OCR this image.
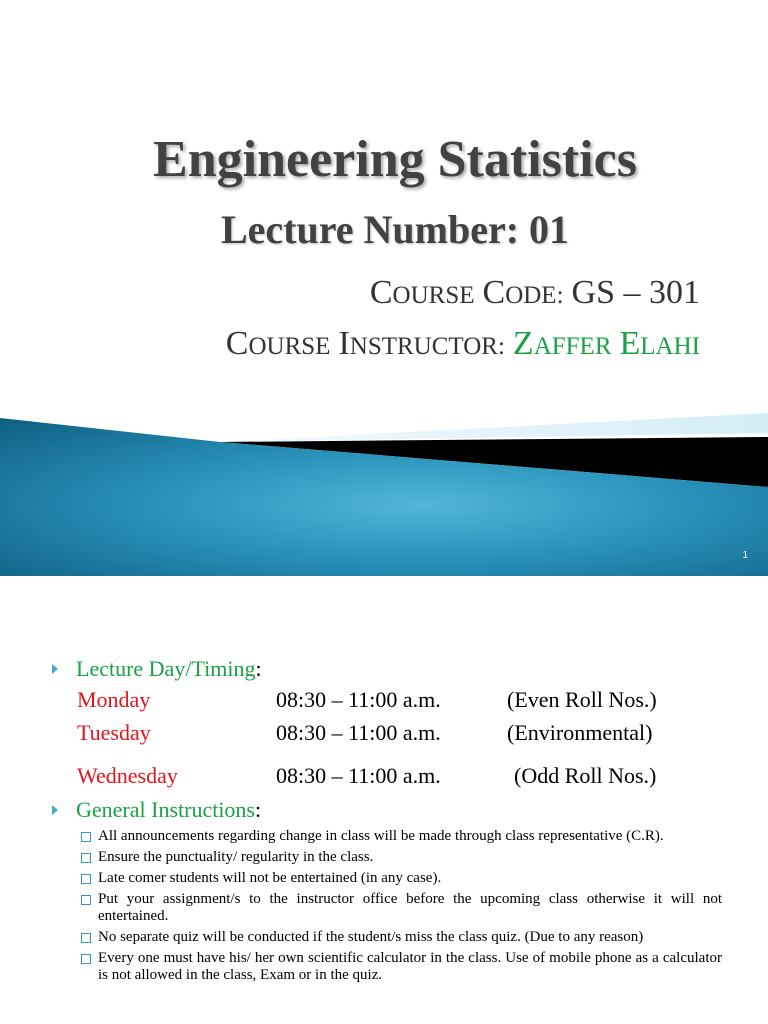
Engineering Statistics
Lecture Number: 01
COURSE CODE: GS – 301
COURSE INSTRUCTOR: ZAFFER ELAHI
1
Lecture Day/Timing:
Monday	08:30 – 11:00 a.m.	(Even Roll Nos.)
Tuesday	08:30 – 11:00 a.m.	(Environmental)
Wednesday	08:30 – 11:00 a.m.	(Odd Roll Nos.)
General Instructions:
All announcements regarding change in class will be made through class representative (C.R).
Ensure the punctuality/ regularity in the class.
Late comer students will not be entertained (in any case).
Put your assignment/s to the instructor office before the upcoming class otherwise it will not entertained.
No separate quiz will be conducted if the student/s miss the class quiz. (Due to any reason)
Every one must have his/ her own scientific calculator in the class. Use of mobile phone as a calculator is not allowed in the class, Exam or in the quiz.
